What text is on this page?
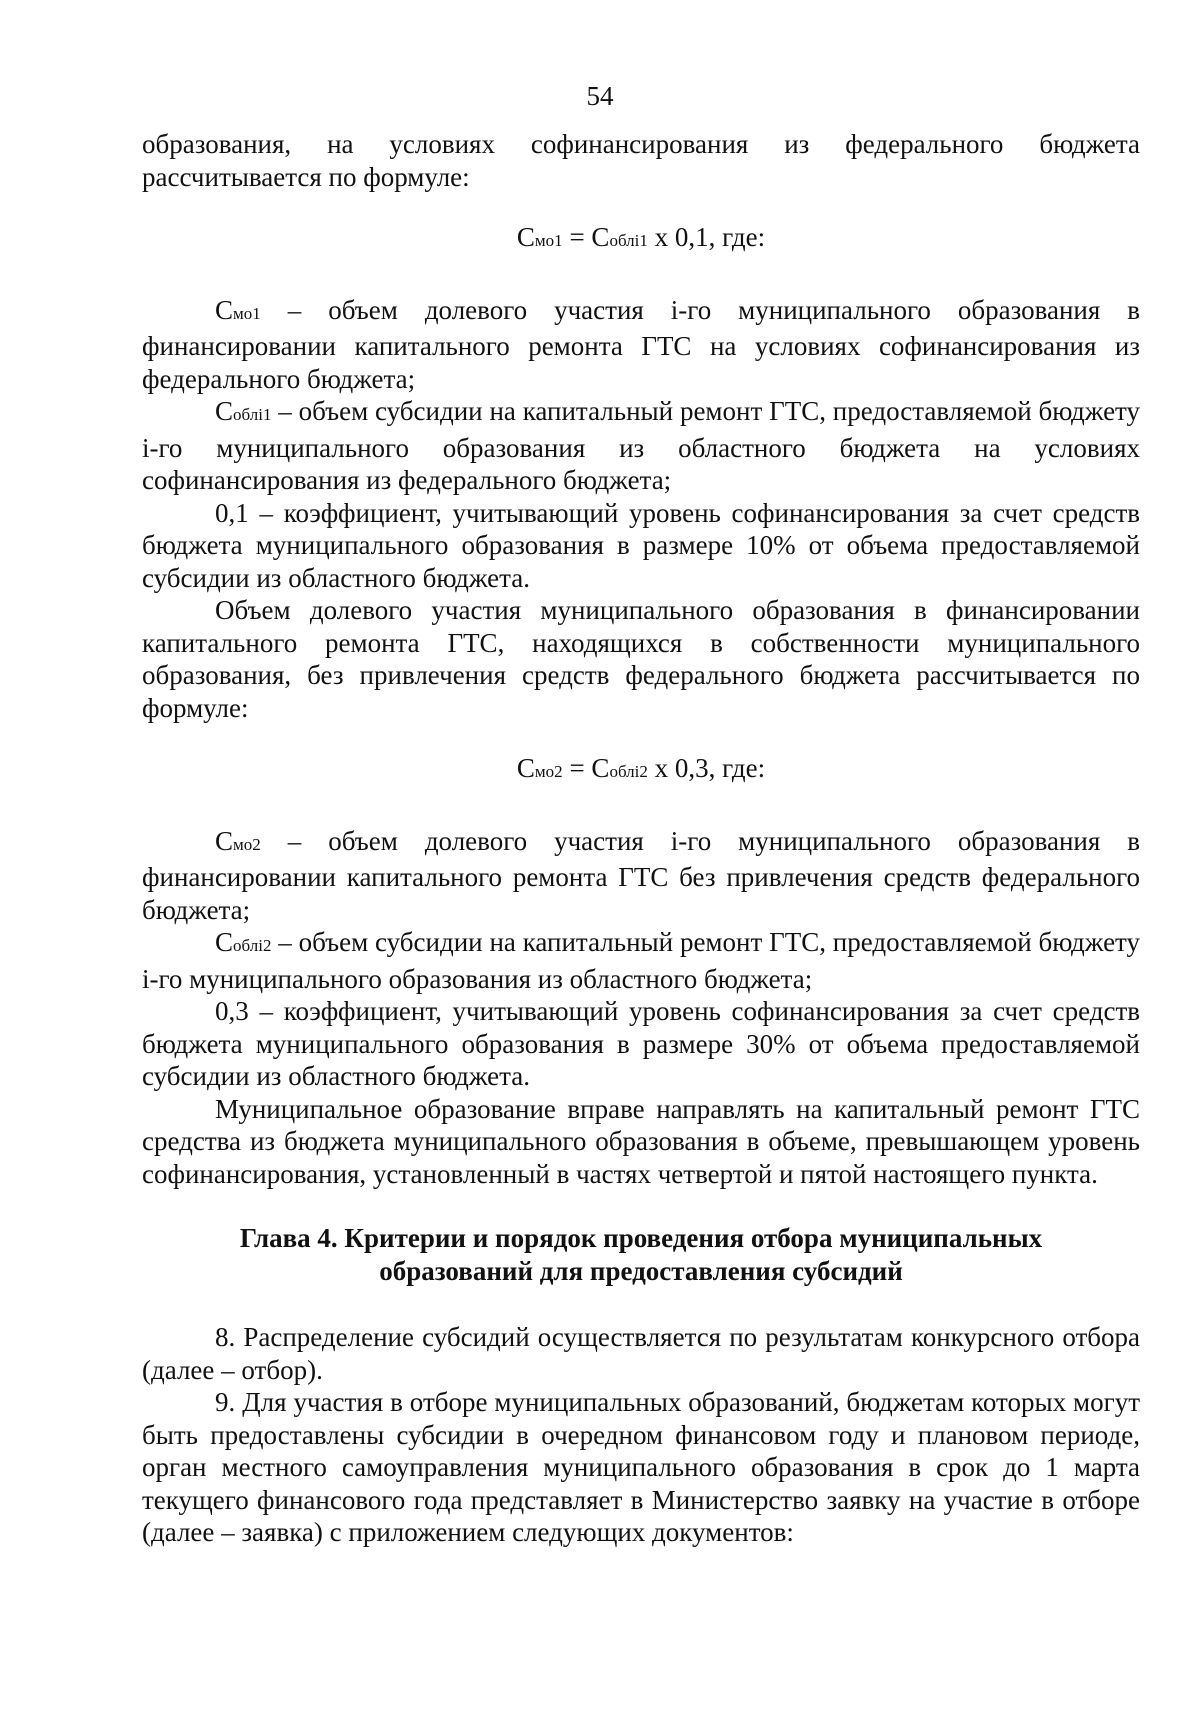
54

образования, на условиях софинансирования из федерального бюджета рассчитывается по формуле:

Смо1 = Соблi1 х 0,1, где:

Смо1 – объем долевого участия i-го муниципального образования в финансировании капитального ремонта ГТС на условиях софинансирования из федерального бюджета;

Соблi1 – объем субсидии на капитальный ремонт ГТС, предоставляемой бюджету i-го муниципального образования из областного бюджета на условиях софинансирования из федерального бюджета;

0,1 – коэффициент, учитывающий уровень софинансирования за счет средств бюджета муниципального образования в размере 10% от объема предоставляемой субсидии из областного бюджета.

Объем долевого участия муниципального образования в финансировании капитального ремонта ГТС, находящихся в собственности муниципального образования, без привлечения средств федерального бюджета рассчитывается по формуле:

Смо2 = Соблi2 х 0,3, где:

Смо2 – объем долевого участия i-го муниципального образования в финансировании капитального ремонта ГТС без привлечения средств федерального бюджета;

Соблi2 – объем субсидии на капитальный ремонт ГТС, предоставляемой бюджету i-го муниципального образования из областного бюджета;

0,3 – коэффициент, учитывающий уровень софинансирования за счет средств бюджета муниципального образования в размере 30% от объема предоставляемой субсидии из областного бюджета.

Муниципальное образование вправе направлять на капитальный ремонт ГТС средства из бюджета муниципального образования в объеме, превышающем уровень софинансирования, установленный в частях четвертой и пятой настоящего пункта.

Глава 4. Критерии и порядок проведения отбора муниципальных образований для предоставления субсидий

8. Распределение субсидий осуществляется по результатам конкурсного отбора (далее – отбор).

9. Для участия в отборе муниципальных образований, бюджетам которых могут быть предоставлены субсидии в очередном финансовом году и плановом периоде, орган местного самоуправления муниципального образования в срок до 1 марта текущего финансового года представляет в Министерство заявку на участие в отборе (далее – заявка) с приложением следующих документов:
